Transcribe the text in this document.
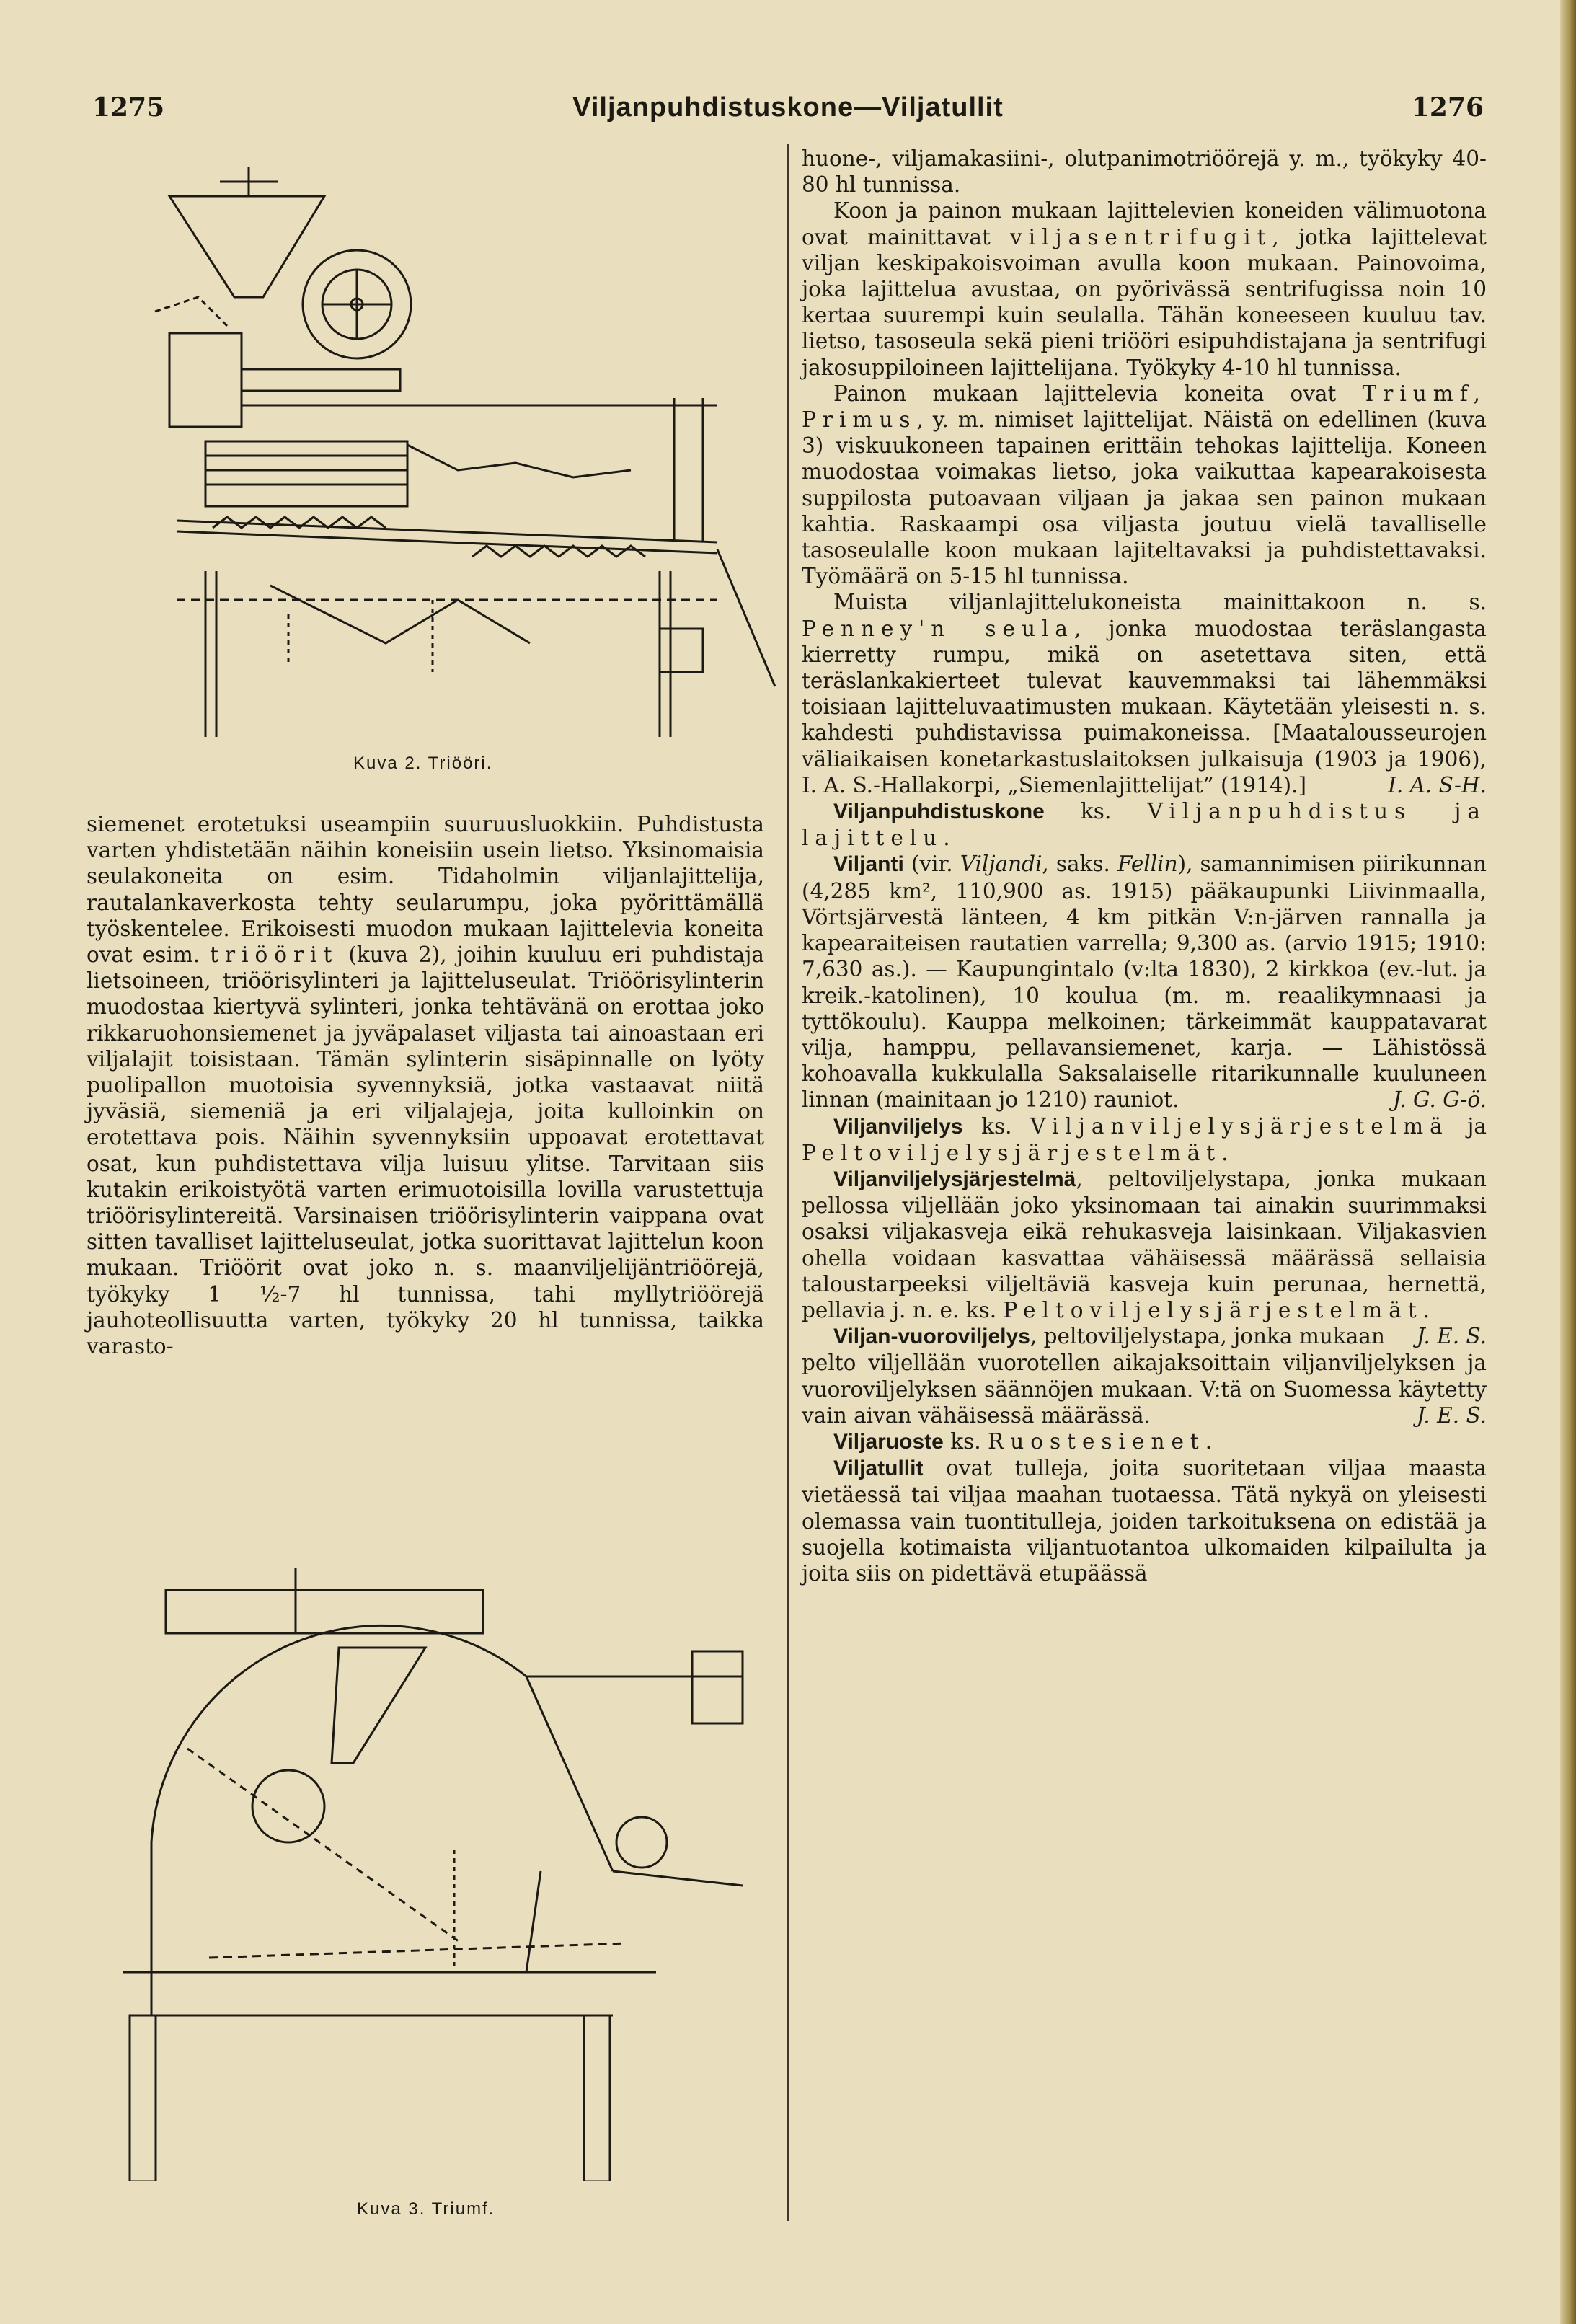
1275	Viljanpuhdistuskone—Viljatullit	1276
Kuva 2. Triööri.
Kuva 3. Triumf.

siemenet erotetuksi useampiin suuruusluokkiin. Puhdistusta varten yhdistetään näihin koneisiin usein lietso. Yksinomaisia seulakoneita on esim. Tidaholmin viljanlajittelija, rautalankaverkosta tehty seularumpu, joka pyörittämällä työskentelee. Erikoisesti muodon mukaan lajittelevia koneita ovat esim. triöörit (kuva 2), joihin kuuluu eri puhdistaja lietsoineen, triöörisylinteri ja lajitteluseulat. Triöörisylinterin muodostaa kiertyvä sylinteri, jonka tehtävänä on erottaa joko rikkaruohonsiemenet ja jyväpalaset viljasta tai ainoastaan eri viljalajit toisistaan. Tämän sylinterin sisäpinnalle on lyöty puolipallon muotoisia syvennyksiä, jotka vastaavat niitä jyväsiä, siemeniä ja eri viljalajeja, joita kulloinkin on erotettava pois. Näihin syvennyksiin uppoavat erotettavat osat, kun puhdistettava vilja luisuu ylitse. Tarvitaan siis kutakin erikoistyötä varten erimuotoisilla lovilla varustettuja triöörisylintereitä. Varsinaisen triöörisylinterin vaippana ovat sitten tavalliset lajitteluseulat, jotka suorittavat lajittelun koon mukaan. Triöörit ovat joko n. s. maanviljelijäntriöörejä, työkyky 1 ½-7 hl tunnissa, tahi myllytriöörejä jauhoteollisuutta varten, työkyky 20 hl tunnissa, taikka varasto-

huone-, viljamakasiini-, olutpanimotriöörejä y. m., työkyky 40-80 hl tunnissa.

Koon ja painon mukaan lajittelevien koneiden välimuotona ovat mainittavat viljasentrifugit, jotka lajittelevat viljan keskipakoisvoiman avulla koon mukaan. Painovoima, joka lajittelua avustaa, on pyörivässä sentrifugissa noin 10 kertaa suurempi kuin seulalla. Tähän koneeseen kuuluu tav. lietso, tasoseula sekä pieni triööri esipuhdistajana ja sentrifugi jakosuppiloineen lajittelijana. Työkyky 4-10 hl tunnissa.

Painon mukaan lajittelevia koneita ovat Triumf, Primus, y. m. nimiset lajittelijat. Näistä on edellinen (kuva 3) viskuukoneen tapainen erittäin tehokas lajittelija. Koneen muodostaa voimakas lietso, joka vaikuttaa kapearakoisesta suppilosta putoavaan viljaan ja jakaa sen painon mukaan kahtia. Raskaampi osa viljasta joutuu vielä tavalliselle tasoseulalle koon mukaan lajiteltavaksi ja puhdistettavaksi. Työmäärä on 5-15 hl tunnissa.

Muista viljanlajittelukoneista mainittakoon n. s. Penney'n seula, jonka muodostaa teräslangasta kierretty rumpu, mikä on asetettava siten, että teräslankakierteet tulevat kauvemmaksi tai lähemmäksi toisiaan lajitteluvaatimusten mukaan. Käytetään yleisesti n. s. kahdesti puhdistavissa puimakoneissa. [Maatalousseurojen väliaikaisen konetarkastuslaitoksen julkaisuja (1903 ja 1906), I. A. S.-Hallakorpi, „Siemenlajittelijat” (1914).]	I. A. S-H.

Viljanpuhdistuskone ks. Viljanpuhdistus ja lajittelu.

Viljanti (vir. Viljandi, saks. Fellin), samannimisen piirikunnan (4,285 km², 110,900 as. 1915) pääkaupunki Liivinmaalla, Vörtsjärvestä länteen, 4 km pitkän V:n-järven rannalla ja kapearaiteisen rautatien varrella; 9,300 as. (arvio 1915; 1910: 7,630 as.). — Kaupungintalo (v:lta 1830), 2 kirkkoa (ev.-lut. ja kreik.-katolinen), 10 koulua (m. m. reaalikymnaasi ja tyttökoulu). Kauppa melkoinen; tärkeimmät kauppatavarat vilja, hamppu, pellavansiemenet, karja. — Lähistössä kohoavalla kukkulalla Saksalaiselle ritarikunnalle kuuluneen linnan (mainitaan jo 1210) rauniot.	J. G. G-ö.

Viljanviljelys ks. Viljanviljelysjärjestelmä ja Peltoviljelysjärjestelmät.

Viljanviljelysjärjestelmä, peltoviljelystapa, jonka mukaan pellossa viljellään joko yksinomaan tai ainakin suurimmaksi osaksi viljakasveja eikä rehukasveja laisinkaan. Viljakasvien ohella voidaan kasvattaa vähäisessä määrässä sellaisia taloustarpeeksi viljeltäviä kasveja kuin perunaa, hernettä, pellavia j. n. e. ks. Peltoviljelysjärjestelmät.
J. E. S.

Viljan-vuoroviljelys, peltoviljelystapa, jonka mukaan pelto viljellään vuorotellen aikajaksoittain viljanviljelyksen ja vuoroviljelyksen säännöjen mukaan. V:tä on Suomessa käytetty vain aivan vähäisessä määrässä.	J. E. S.

Viljaruoste ks. Ruostesienet.

Viljatullit ovat tulleja, joita suoritetaan viljaa maasta vietäessä tai viljaa maahan tuotaessa. Tätä nykyä on yleisesti olemassa vain tuontitulleja, joiden tarkoituksena on edistää ja suojella kotimaista viljantuotantoa ulkomaiden kilpailulta ja joita siis on pidettävä etupäässä
